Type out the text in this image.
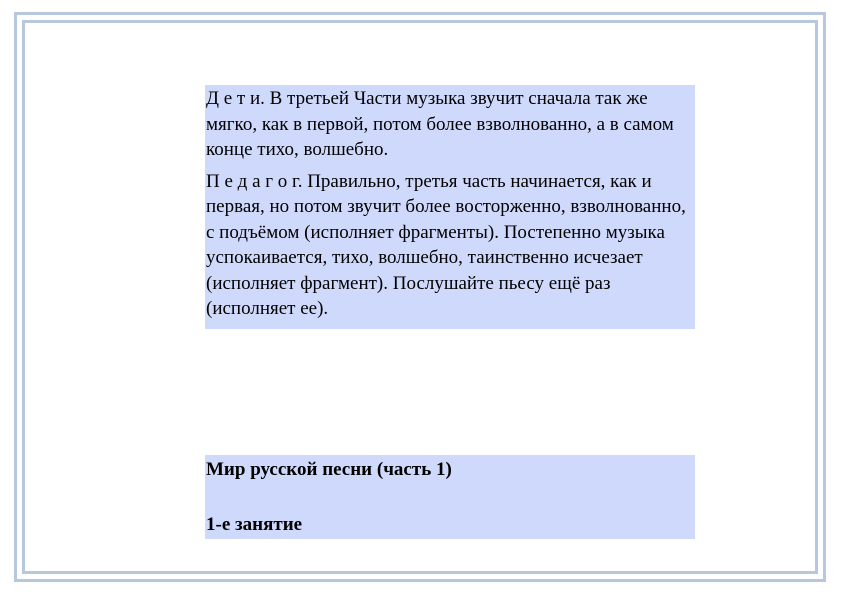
Д е т и. В третьей Части музыка звучит сначала так же мягко, как в первой, потом более взволнованно, а в самом конце тихо, волшебно.

П е д а г о г. Правильно, третья часть начинается, как и первая, но потом звучит более восторженно, взволнованно, с подъёмом (исполняет фрагменты). Постепенно музыка успокаивается, тихо, волшебно, таинственно исчезает (исполняет фрагмент). Послушайте пьесу ещё раз (исполняет ее).

Мир русской песни (часть 1)

1-е занятие
